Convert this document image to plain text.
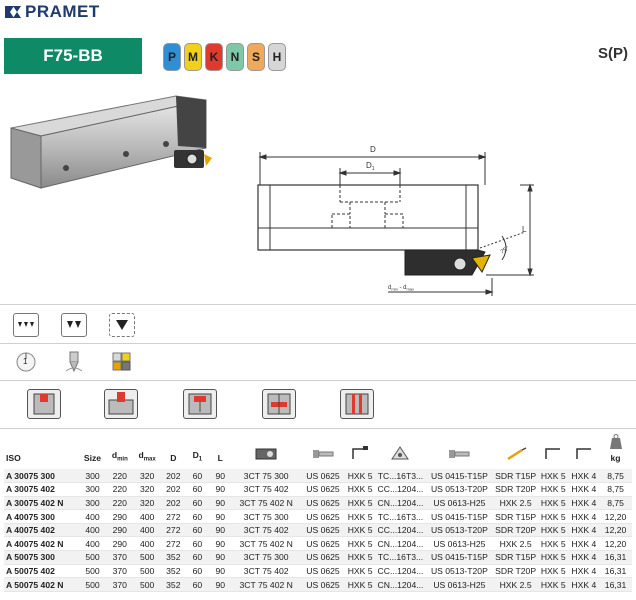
PRAMET
F75-BB	P M K N S H	S(P)
D
$D_1$
L
75°
$d_{min} - d_{max}$
1
ISO	Size	$d_{min}$	$d_{max}$	D	$D_1$	L									kg
A 30075 300	300	220	320	202	60	90	3CT 75 300	US 0625	HXK 5	TC...16T3...	US 0415-T15P	SDR T15P	HXK 5	HXK 4	8,75
A 30075 402	300	220	320	202	60	90	3CT 75 402	US 0625	HXK 5	CC...1204...	US 0513-T20P	SDR T20P	HXK 5	HXK 4	8,75
A 30075 402 N	300	220	320	202	60	90	3CT 75 402 N	US 0625	HXK 5	CN...1204...	US 0613-H25	HXK 2.5	HXK 5	HXK 4	8,75
A 40075 300	400	290	400	272	60	90	3CT 75 300	US 0625	HXK 5	TC...16T3...	US 0415-T15P	SDR T15P	HXK 5	HXK 4	12,20
A 40075 402	400	290	400	272	60	90	3CT 75 402	US 0625	HXK 5	CC...1204...	US 0513-T20P	SDR T20P	HXK 5	HXK 4	12,20
A 40075 402 N	400	290	400	272	60	90	3CT 75 402 N	US 0625	HXK 5	CN...1204...	US 0613-H25	HXK 2.5	HXK 5	HXK 4	12,20
A 50075 300	500	370	500	352	60	90	3CT 75 300	US 0625	HXK 5	TC...16T3...	US 0415-T15P	SDR T15P	HXK 5	HXK 4	16,31
A 50075 402	500	370	500	352	60	90	3CT 75 402	US 0625	HXK 5	CC...1204...	US 0513-T20P	SDR T20P	HXK 5	HXK 4	16,31
A 50075 402 N	500	370	500	352	60	90	3CT 75 402 N	US 0625	HXK 5	CN...1204...	US 0613-H25	HXK 2.5	HXK 5	HXK 4	16,31
